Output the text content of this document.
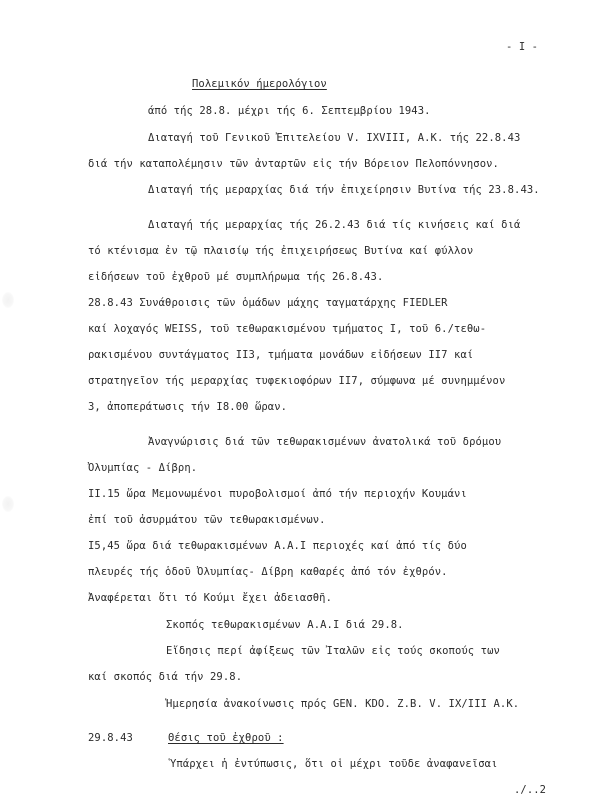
- I -
Πολεμικόν ήμερολόγιον
άπό τής 28.8. μέχρι τής 6. Σεπτεμβρίου 1943.
Διαταγή τοῦ Γενικοῦ Ἐπιτελείου V. IXVIII, A.K. τής 22.8.43
διά τήν καταπολέμησιν τῶν ἀνταρτῶν εἰς τήν Βόρειον Πελοπόννησον.
Διαταγή τής μεραρχίας διά τήν ἐπιχείρησιν Βυτίνα τής 23.8.43.
Διαταγή τής μεραρχίας τής 26.2.43 διά τίς κινήσεις καί διά
τό κτένισμα ἐν τῷ πλαισίῳ τής ἐπιχειρήσεως Βυτίνα καί φύλλον
εἰδήσεων τοῦ ἐχθροῦ μέ συμπλήρωμα τής 26.8.43.
28.8.43 Συνάθροισις τῶν ὁμάδων μάχης ταγματάρχης FIEDLER
καί λοχαγός WEISS, τοῦ τεθωρακισμένου τμήματος I, τοῦ 6./τεθω-
ρακισμένου συντάγματος II3, τμήματα μονάδων εἰδήσεων II7 καί
στρατηγεῖον τής μεραρχίας τυφεκιοφόρων II7, σύμφωνα μέ συνημμένον
3, ἀποπεράτωσις τήν I8.00 ὥραν.
Ἀναγνώρισις διά τῶν τεθωρακισμένων ἀνατολικά τοῦ δρόμου
Ὀλυμπίας - Δίβρη.
II.15 ὥρα Μεμονωμένοι πυροβολισμοί ἀπό τήν περιοχήν Κουμάνι
ἐπί τοῦ ἀσυρμάτου τῶν τεθωρακισμένων.
I5,45 ὥρα διά τεθωρακισμένων A.A.I περιοχές καί ἀπό τίς δύο
πλευρές τής ὁδοῦ Ὀλυμπίας- Δίβρη καθαρές ἀπό τόν ἐχθρόν.
Ἀναφέρεται ὅτι τό Κούμι ἔχει ἀδειασθῆ.
Σκοπός τεθωρακισμένων A.A.I διά 29.8.
Εἴδησις περί ἀφίξεως τῶν Ἰταλῶν εἰς τούς σκοπούς των
καί σκοπός διά τήν 29.8.
Ἡμερησία ἀνακοίνωσις πρός GEN. KDO. Z.B. V. IX/III A.K.
29.8.43	Θέσις τοῦ ἐχθροῦ :
Ὑπάρχει ἡ ἐντύπωσις, ὅτι οἱ μέχρι τοῦδε ἀναφανεῖσαι
./..2
